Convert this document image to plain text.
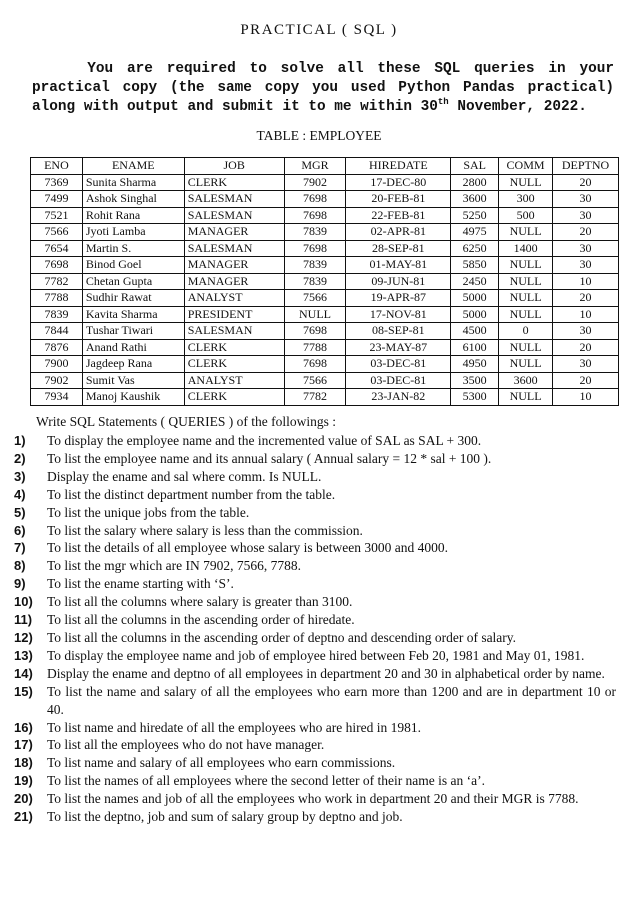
PRACTICAL ( SQL )
You are required to solve all these SQL queries in your
practical copy (the same copy you used Python Pandas practical)
along with output and submit it to me within 30th November, 2022.
TABLE : EMPLOYEE
ENO	ENAME	JOB	MGR	HIREDATE	SAL	COMM	DEPTNO
7369	Sunita Sharma	CLERK	7902	17-DEC-80	2800	NULL	20
7499	Ashok Singhal	SALESMAN	7698	20-FEB-81	3600	300	30
7521	Rohit Rana	SALESMAN	7698	22-FEB-81	5250	500	30
7566	Jyoti Lamba	MANAGER	7839	02-APR-81	4975	NULL	20
7654	Martin S.	SALESMAN	7698	28-SEP-81	6250	1400	30
7698	Binod Goel	MANAGER	7839	01-MAY-81	5850	NULL	30
7782	Chetan Gupta	MANAGER	7839	09-JUN-81	2450	NULL	10
7788	Sudhir Rawat	ANALYST	7566	19-APR-87	5000	NULL	20
7839	Kavita Sharma	PRESIDENT	NULL	17-NOV-81	5000	NULL	10
7844	Tushar Tiwari	SALESMAN	7698	08-SEP-81	4500	0	30
7876	Anand Rathi	CLERK	7788	23-MAY-87	6100	NULL	20
7900	Jagdeep Rana	CLERK	7698	03-DEC-81	4950	NULL	30
7902	Sumit Vas	ANALYST	7566	03-DEC-81	3500	3600	20
7934	Manoj Kaushik	CLERK	7782	23-JAN-82	5300	NULL	10
Write SQL Statements ( QUERIES ) of the followings :
1) To display the employee name and the incremented value of SAL as SAL + 300.
2) To list the employee name and its annual salary ( Annual salary = 12 * sal + 100 ).
3) Display the ename and sal where comm. Is NULL.
4) To list the distinct department number from the table.
5) To list the unique jobs from the table.
6) To list the salary where salary is less than the commission.
7) To list the details of all employee whose salary is between 3000 and 4000.
8) To list the mgr which are IN 7902, 7566, 7788.
9) To list the ename starting with ‘S’.
10) To list all the columns where salary is greater than 3100.
11) To list all the columns in the ascending order of hiredate.
12) To list all the columns in the ascending order of deptno and descending order of salary.
13) To display the employee name and job of employee hired between Feb 20, 1981 and May 01, 1981.
14) Display the ename and deptno of all employees in department 20 and 30 in alphabetical order by name.
15) To list the name and salary of all the employees who earn more than 1200 and are in department 10 or 40.
16) To list name and hiredate of all the employees who are hired in 1981.
17) To list all the employees who do not have manager.
18) To list name and salary of all employees who earn commissions.
19) To list the names of all employees where the second letter of their name is an ‘a’.
20) To list the names and job of all the employees who work in department 20 and their MGR is 7788.
21) To list the deptno, job and sum of salary group by deptno and job.
